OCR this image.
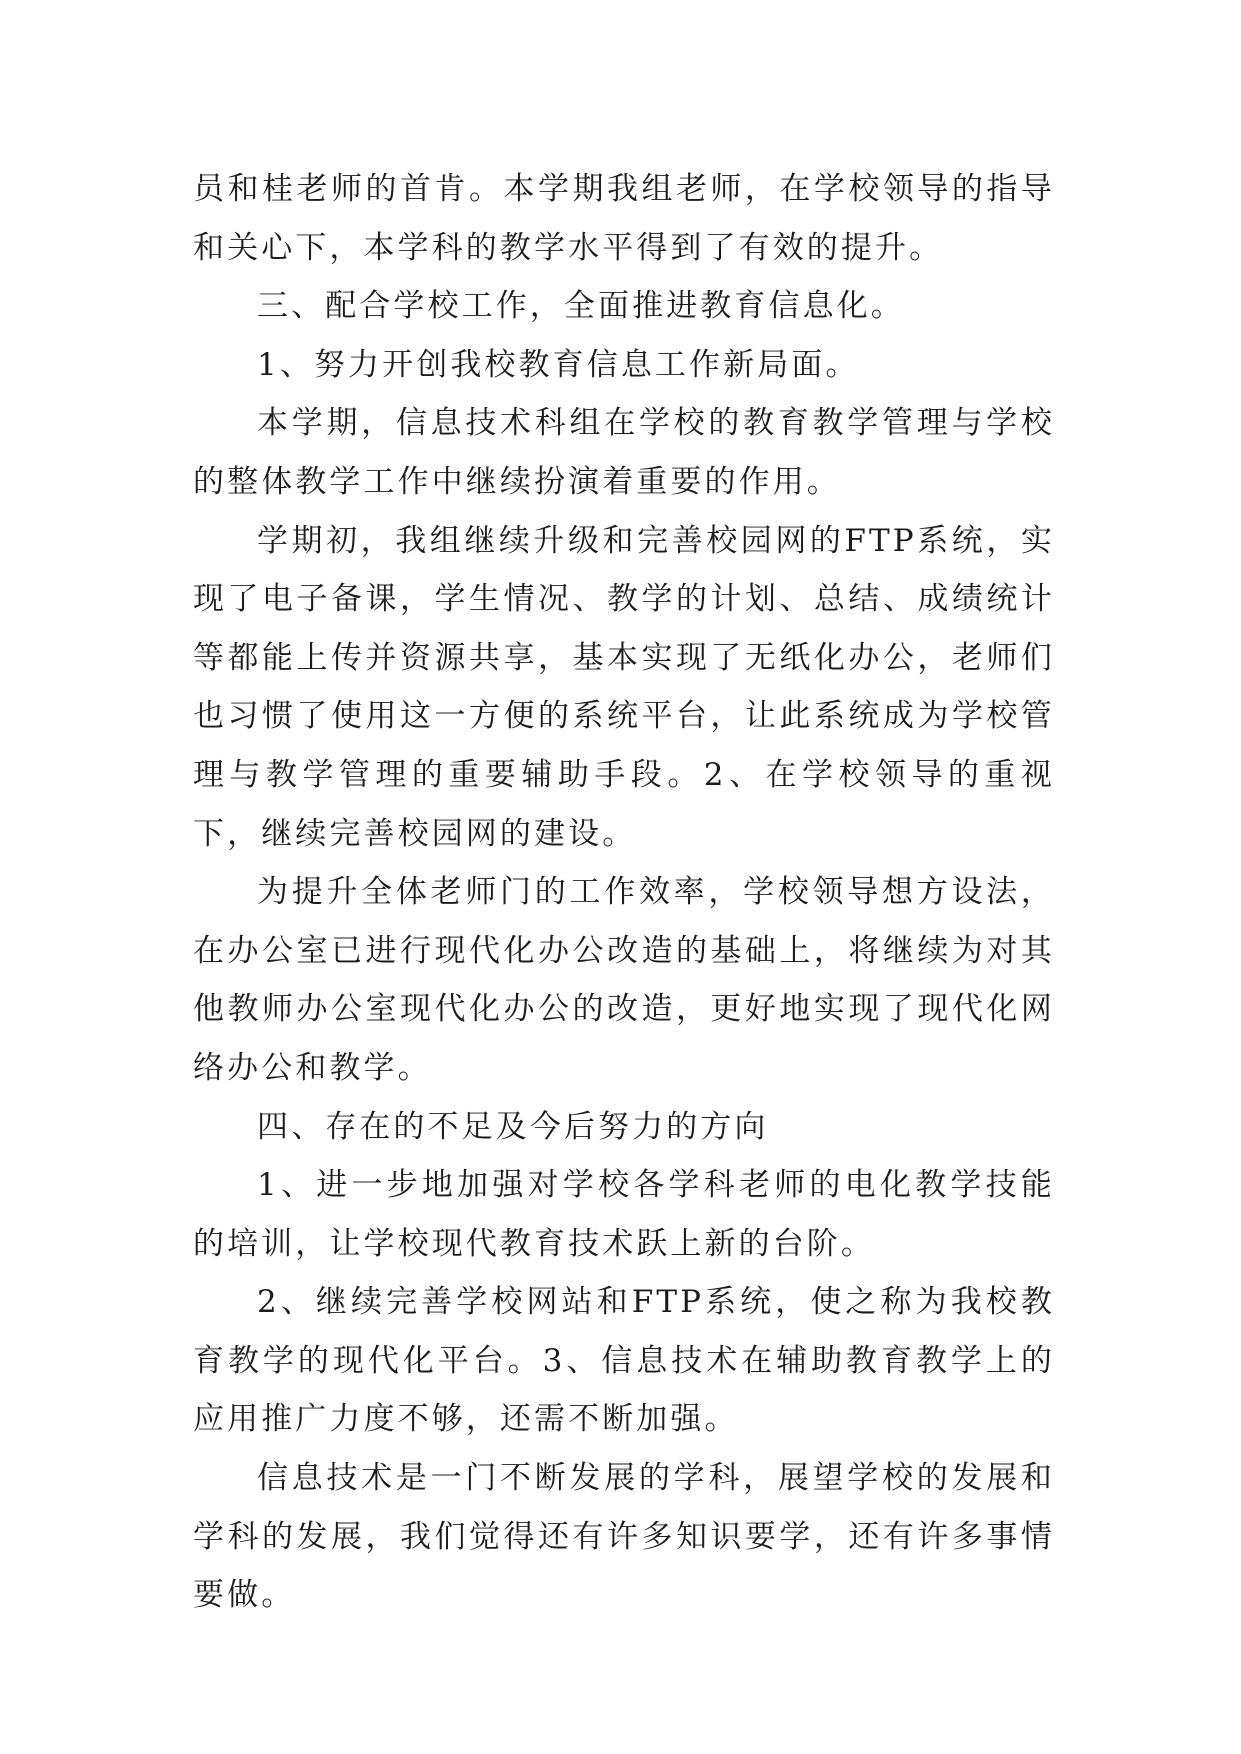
员和桂老师的首肯。本学期我组老师，在学校领导的指导和关心下，本学科的教学水平得到了有效的提升。

三、配合学校工作，全面推进教育信息化。

1、努力开创我校教育信息工作新局面。

本学期，信息技术科组在学校的教育教学管理与学校的整体教学工作中继续扮演着重要的作用。

学期初，我组继续升级和完善校园网的FTP系统，实现了电子备课，学生情况、教学的计划、总结、成绩统计等都能上传并资源共享，基本实现了无纸化办公，老师们也习惯了使用这一方便的系统平台，让此系统成为学校管理与教学管理的重要辅助手段。2、在学校领导的重视下，继续完善校园网的建设。

为提升全体老师门的工作效率，学校领导想方设法，在办公室已进行现代化办公改造的基础上，将继续为对其他教师办公室现代化办公的改造，更好地实现了现代化网络办公和教学。

四、存在的不足及今后努力的方向

1、进一步地加强对学校各学科老师的电化教学技能的培训，让学校现代教育技术跃上新的台阶。

2、继续完善学校网站和FTP系统，使之称为我校教育教学的现代化平台。3、信息技术在辅助教育教学上的应用推广力度不够，还需不断加强。

信息技术是一门不断发展的学科，展望学校的发展和学科的发展，我们觉得还有许多知识要学，还有许多事情要做。
